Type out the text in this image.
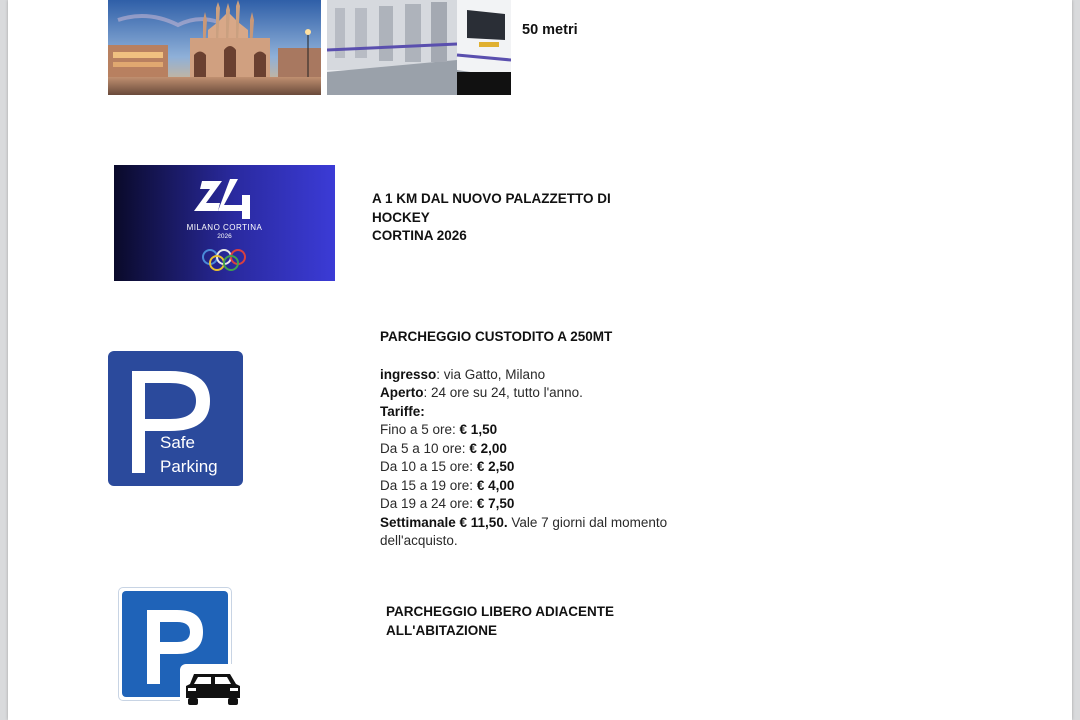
50 metri
MILANO CORTINA
2026
A 1 KM DAL NUOVO PALAZZETTO DI
HOCKEY
CORTINA 2026
Safe
Parking
PARCHEGGIO CUSTODITO A 250MT
ingresso: via Gatto, Milano
Aperto: 24 ore su 24, tutto l'anno.
Tariffe:
Fino a 5 ore: € 1,50
Da 5 a 10 ore: € 2,00
Da 10 a 15 ore: € 2,50
Da 15 a 19 ore: € 4,00
Da 19 a 24 ore: € 7,50
Settimanale € 11,50. Vale 7 giorni dal momento
dell'acquisto.
PARCHEGGIO LIBERO ADIACENTE
ALL'ABITAZIONE
